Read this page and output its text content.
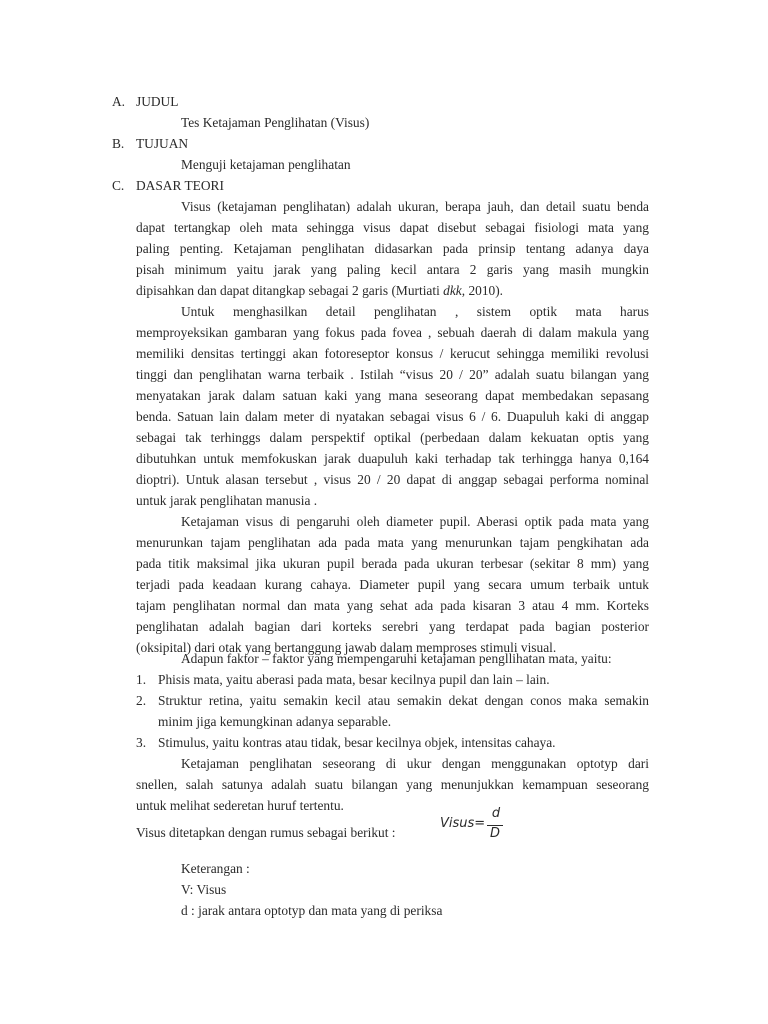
A. JUDUL
Tes Ketajaman Penglihatan (Visus)
B. TUJUAN
Menguji ketajaman penglihatan
C. DASAR TEORI
Visus (ketajaman penglihatan) adalah ukuran, berapa jauh, dan detail suatu benda
dapat tertangkap oleh mata sehingga visus dapat disebut sebagai fisiologi mata yang
paling penting. Ketajaman penglihatan didasarkan pada prinsip tentang adanya daya
pisah minimum yaitu jarak yang paling kecil antara 2 garis yang masih mungkin
dipisahkan dan dapat ditangkap sebagai 2 garis (Murtiati dkk, 2010).
Untuk menghasilkan detail penglihatan , sistem optik mata harus
memproyeksikan gambaran yang fokus pada fovea , sebuah daerah di dalam makula yang
memiliki densitas tertinggi akan fotoreseptor konsus / kerucut sehingga memiliki revolusi
tinggi dan penglihatan warna terbaik . Istilah “visus 20 / 20” adalah suatu bilangan yang
menyatakan jarak dalam satuan kaki yang mana seseorang dapat membedakan sepasang
benda. Satuan lain dalam meter di nyatakan sebagai visus 6 / 6. Duapuluh kaki di anggap
sebagai tak terhinggs dalam perspektif optikal (perbedaan dalam kekuatan optis yang
dibutuhkan untuk memfokuskan jarak duapuluh kaki terhadap tak terhingga hanya 0,164
dioptri). Untuk alasan tersebut , visus 20 / 20 dapat di anggap sebagai performa nominal
untuk jarak penglihatan manusia .
Ketajaman visus di pengaruhi oleh diameter pupil. Aberasi optik pada mata yang
menurunkan tajam penglihatan ada pada mata yang menurunkan tajam pengkihatan ada
pada titik maksimal jika ukuran pupil berada pada ukuran terbesar (sekitar 8 mm) yang
terjadi pada keadaan kurang cahaya. Diameter pupil yang secara umum terbaik untuk
tajam penglihatan normal dan mata yang sehat ada pada kisaran 3 atau 4 mm. Korteks
penglihatan adalah bagian dari korteks serebri yang terdapat pada bagian posterior
(oksipital) dari otak yang bertanggung jawab dalam memproses stimuli visual.
Adapun faktor – faktor yang mempengaruhi ketajaman pengllihatan mata, yaitu:
1. Phisis mata, yaitu aberasi pada mata, besar kecilnya pupil dan lain – lain.
2. Struktur retina, yaitu semakin kecil atau semakin dekat dengan conos maka semakin
minim jiga kemungkinan adanya separable.
3. Stimulus, yaitu kontras atau tidak, besar kecilnya objek, intensitas cahaya.
Ketajaman penglihatan seseorang di ukur dengan menggunakan optotyp dari
snellen, salah satunya adalah suatu bilangan yang menunjukkan kemampuan seseorang
untuk melihat sederetan huruf tertentu.
Visus ditetapkan dengan rumus sebagai berikut :
Visus=
d
D
Keterangan :
V: Visus
d : jarak antara optotyp dan mata yang di periksa
